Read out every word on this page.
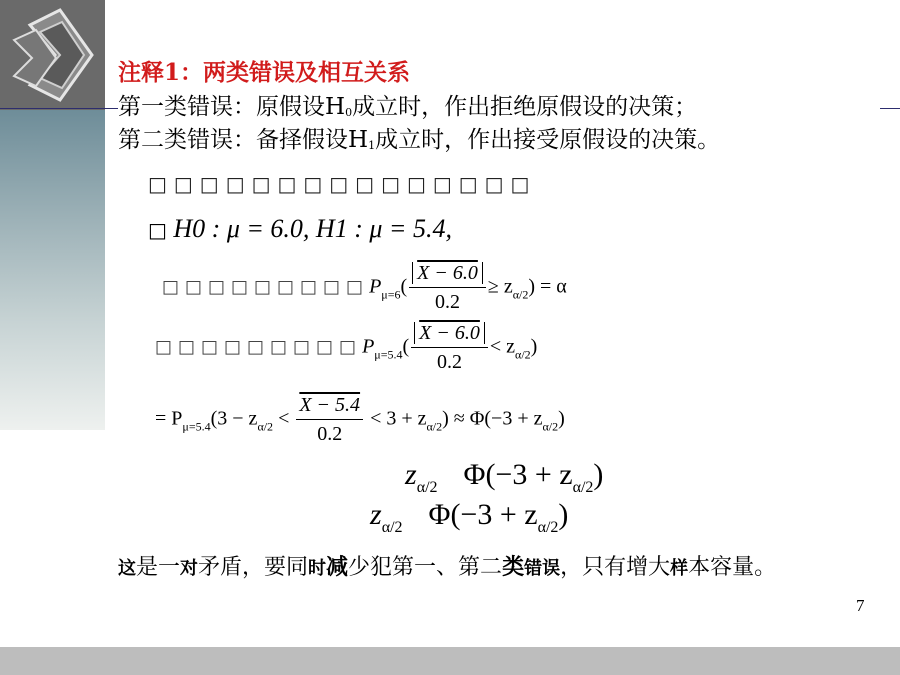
注释1：两类错误及相互关系
第一类错误：原假设H0成立时，作出拒绝原假设的决策；
第二类错误：备择假设H1成立时，作出接受原假设的决策。
□□□□□□□□□□□□□□□
□ H0 : μ = 6.0, H1 : μ = 5.4,
$□□□□□□□□□P_{\mu=6}( \frac{X - 6.0}{0.2} \ge z_{\alpha/2}) = \alpha$
$□□□□□□□□□P_{\mu=5.4}( \frac{X - 6.0}{0.2} < z_{\alpha/2})$
= $P_{\mu=5.4}(3 - z_{\alpha/2} < \frac{X - 5.4}{0.2} < 3 + z_{\alpha/2}) \approx \Phi(-3 + z_{\alpha/2})$
$z_{\alpha/2}$ $\Phi(-3 + z_{\alpha/2})$
$z_{\alpha/2}$ $\Phi(-3 + z_{\alpha/2})$
这是一对矛盾，要同时减少犯第一、第二类错误，只有增大样本容量。
7
